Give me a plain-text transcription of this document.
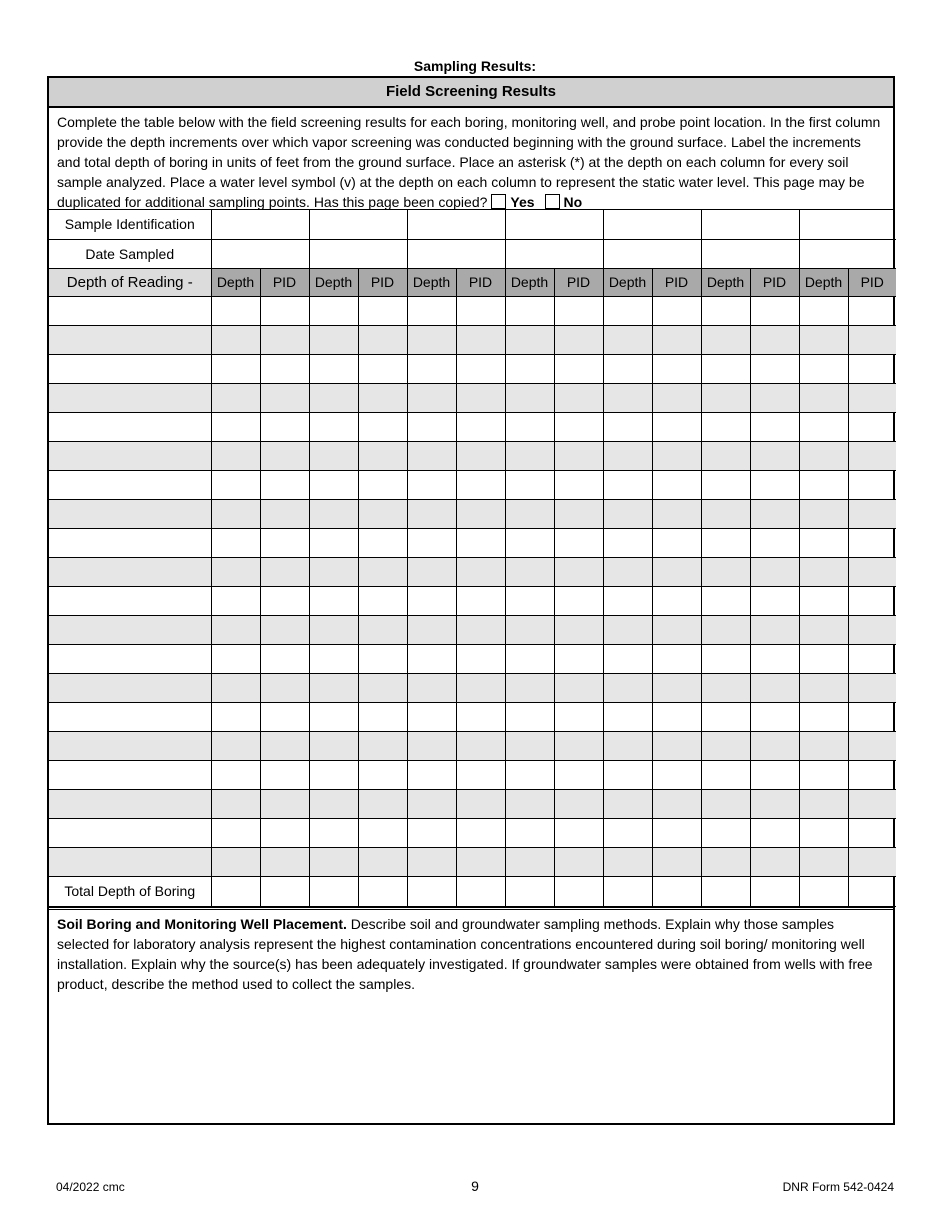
Sampling Results:
Field Screening Results
Complete the table below with the field screening results for each boring, monitoring well, and probe point location. In the first column provide the depth increments over which vapor screening was conducted beginning with the ground surface. Label the increments and total depth of boring in units of feet from the ground surface. Place an asterisk (*) at the depth on each column for every soil sample analyzed. Place a water level symbol (v) at the depth on each column to represent the static water level. This page may be duplicated for additional sampling points. Has this page been copied? Yes No
Sample Identification														
Date Sampled														
Depth of Reading -	Depth	PID	Depth	PID	Depth	PID	Depth	PID	Depth	PID	Depth	PID	Depth	PID

Total Depth of Boring														
Soil Boring and Monitoring Well Placement. Describe soil and groundwater sampling methods. Explain why those samples selected for laboratory analysis represent the highest contamination concentrations encountered during soil boring/ monitoring well installation. Explain why the source(s) has been adequately investigated. If groundwater samples were obtained from wells with free product, describe the method used to collect the samples.
04/2022 cmc	9	DNR Form 542-0424
